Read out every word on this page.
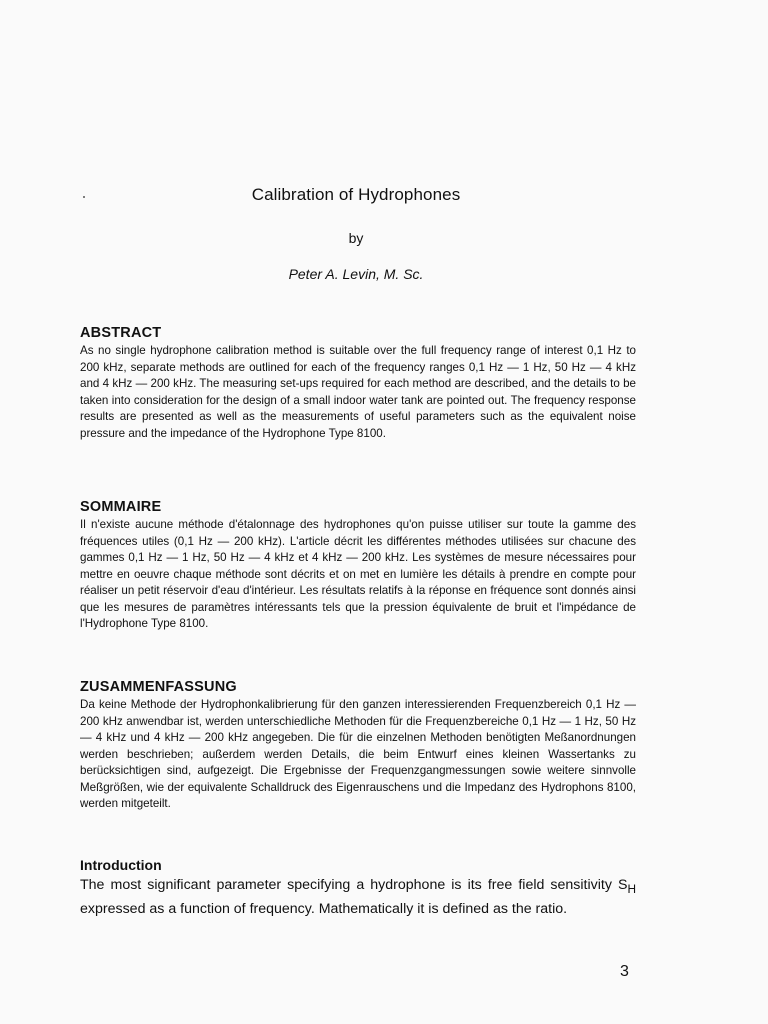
Calibration of Hydrophones
by
Peter A. Levin, M. Sc.
ABSTRACT

As no single hydrophone calibration method is suitable over the full frequency range of interest 0,1 Hz to 200 kHz, separate methods are outlined for each of the frequency ranges 0,1 Hz — 1 Hz, 50 Hz — 4 kHz and 4 kHz — 200 kHz. The measuring set-ups required for each method are described, and the details to be taken into consideration for the design of a small indoor water tank are pointed out. The frequency response results are presented as well as the measurements of useful parameters such as the equivalent noise pressure and the impedance of the Hydrophone Type 8100.

SOMMAIRE

Il n'existe aucune méthode d'étalonnage des hydrophones qu'on puisse utiliser sur toute la gamme des fréquences utiles (0,1 Hz — 200 kHz). L'article décrit les différentes méthodes utilisées sur chacune des gammes 0,1 Hz — 1 Hz, 50 Hz — 4 kHz et 4 kHz — 200 kHz. Les systèmes de mesure nécessaires pour mettre en oeuvre chaque méthode sont décrits et on met en lumière les détails à prendre en compte pour réaliser un petit réservoir d'eau d'intérieur. Les résultats relatifs à la réponse en fréquence sont donnés ainsi que les mesures de paramètres intéressants tels que la pression équivalente de bruit et l'impédance de l'Hydrophone Type 8100.

ZUSAMMENFASSUNG

Da keine Methode der Hydrophonkalibrierung für den ganzen interessierenden Frequenzbereich 0,1 Hz — 200 kHz anwendbar ist, werden unterschiedliche Methoden für die Frequenzbereiche 0,1 Hz — 1 Hz, 50 Hz — 4 kHz und 4 kHz — 200 kHz angegeben. Die für die einzelnen Methoden benötigten Meßanordnungen werden beschrieben; außerdem werden Details, die beim Entwurf eines kleinen Wassertanks zu berücksichtigen sind, aufgezeigt. Die Ergebnisse der Frequenzgangmessungen sowie weitere sinnvolle Meßgrößen, wie der equivalente Schalldruck des Eigenrauschens und die Impedanz des Hydrophons 8100, werden mitgeteilt.

Introduction

The most significant parameter specifying a hydrophone is its free field sensitivity $S_H$ expressed as a function of frequency. Mathematically it is defined as the ratio.

3
